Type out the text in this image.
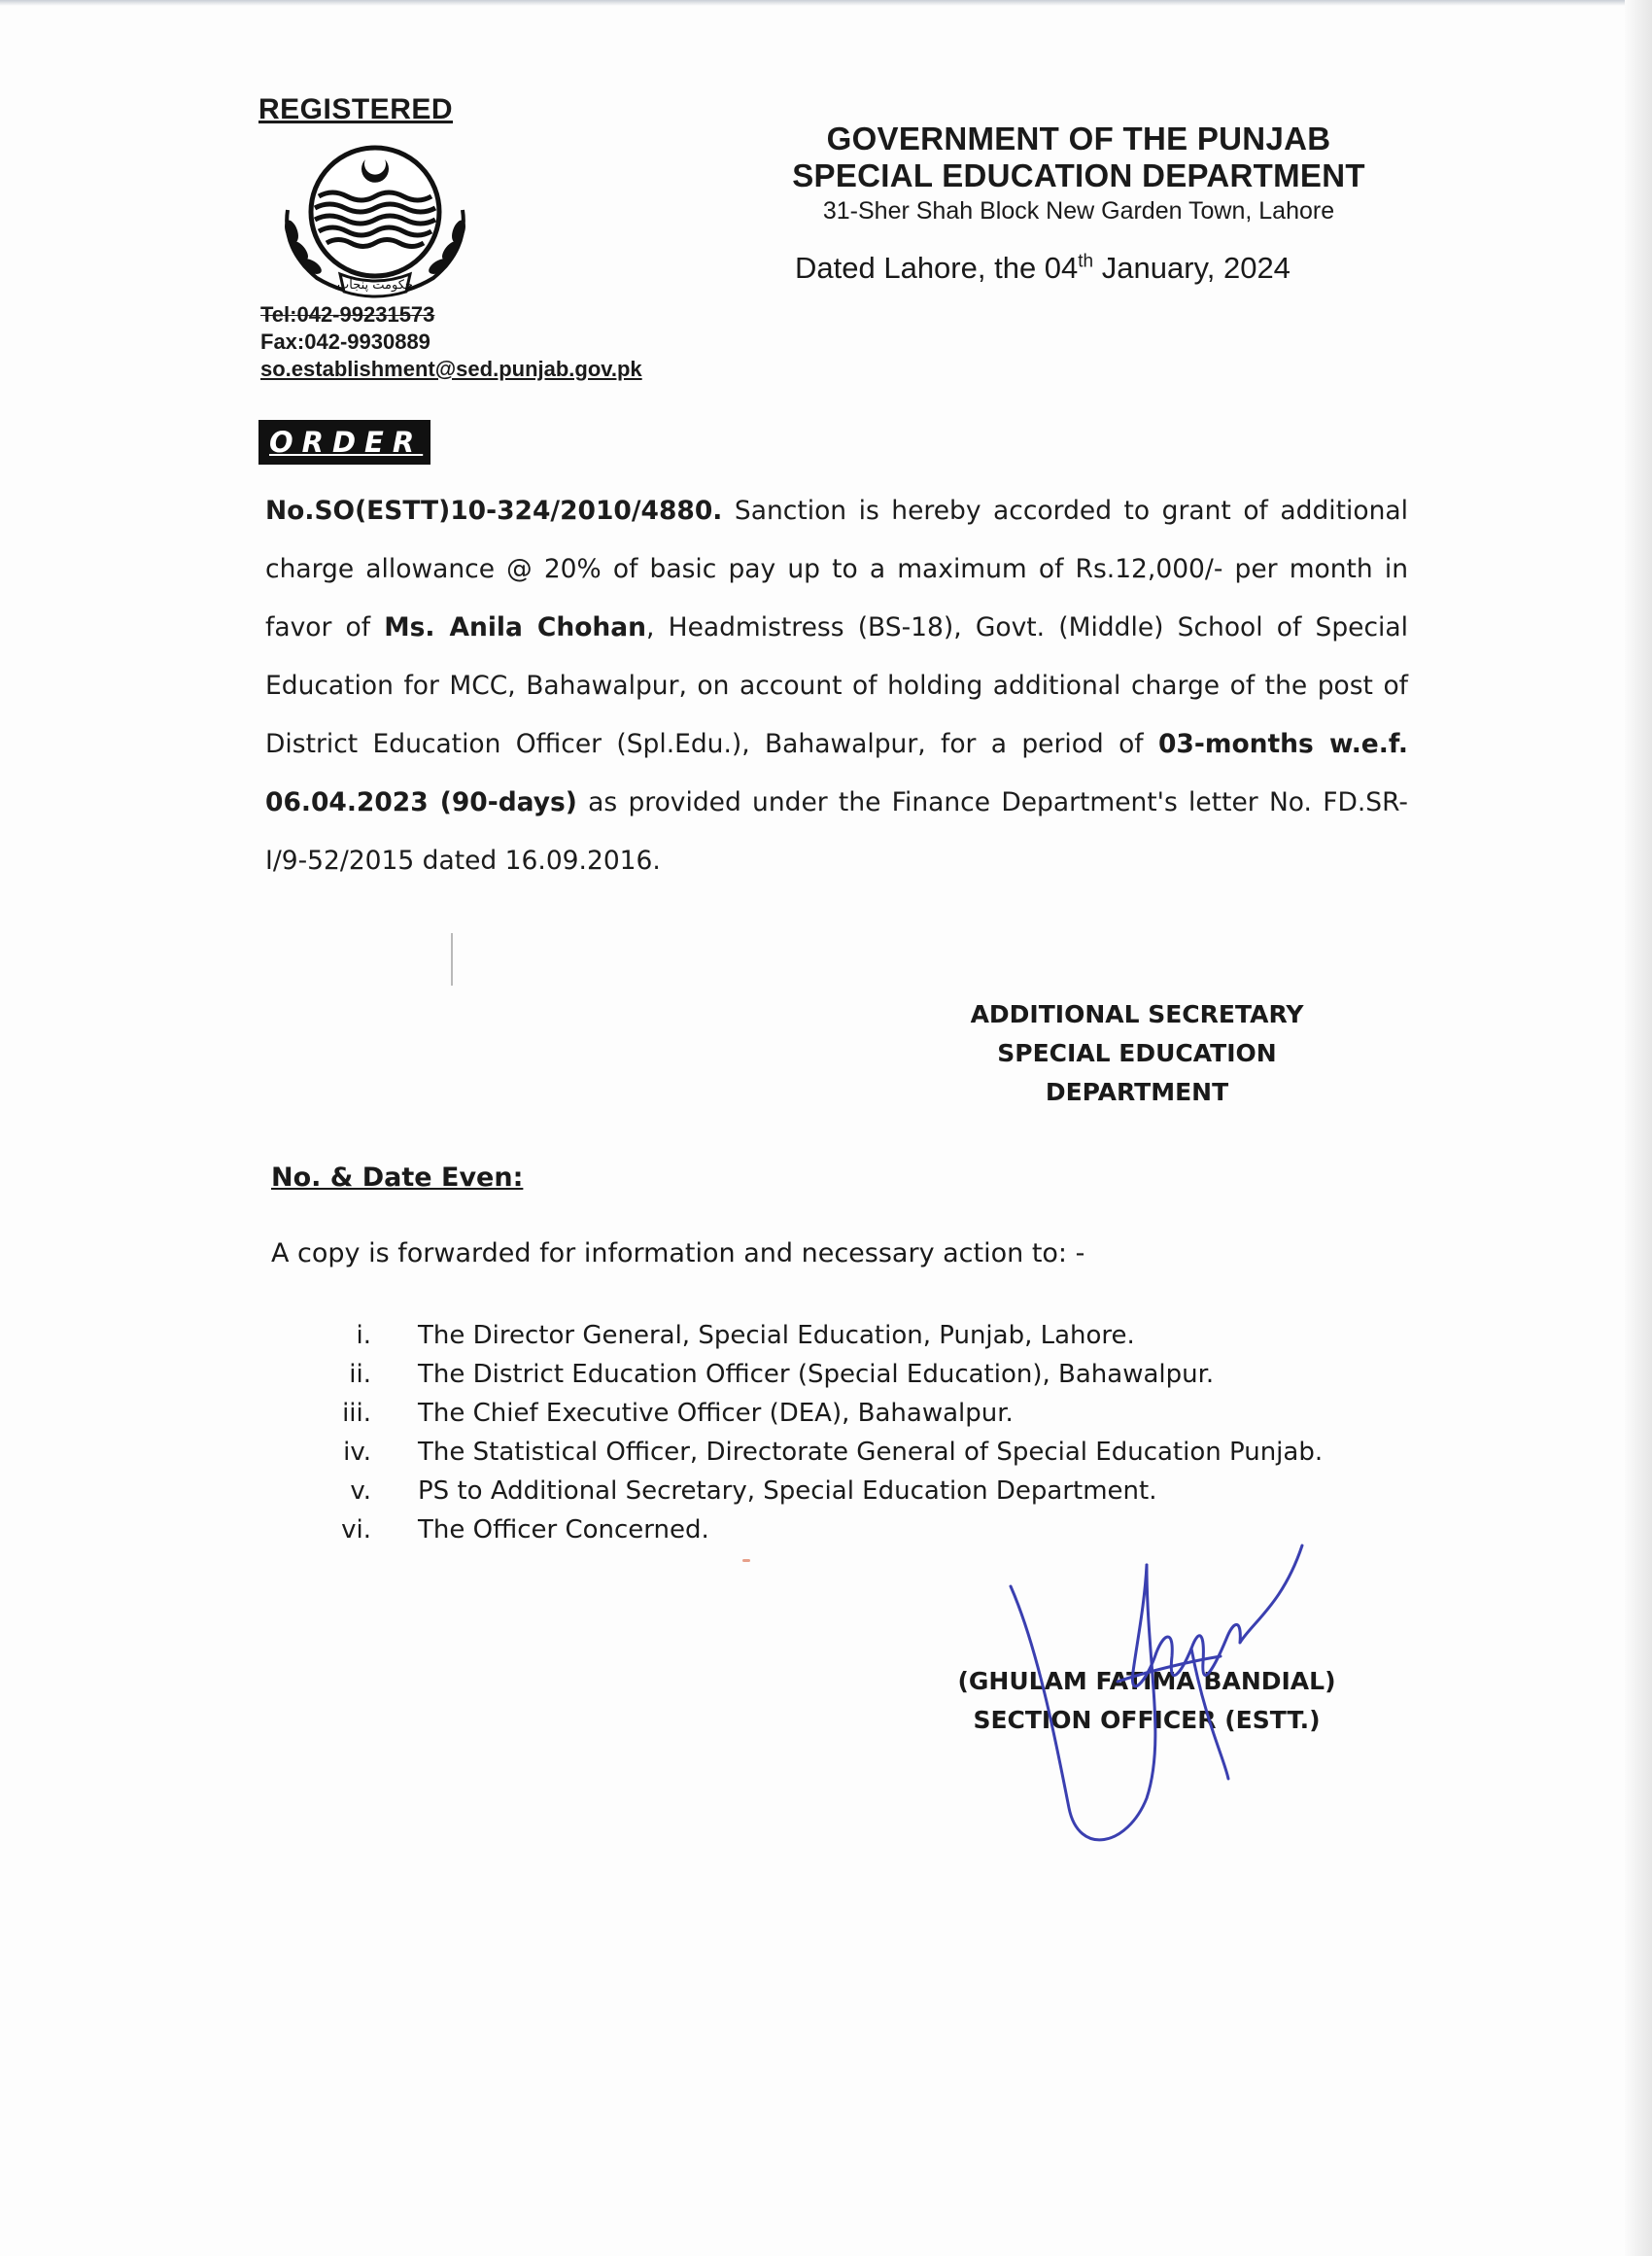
REGISTERED
حکومت پنجاب
Tel:042-99231573
Fax:042-9930889
so.establishment@sed.punjab.gov.pk
GOVERNMENT OF THE PUNJAB
SPECIAL EDUCATION DEPARTMENT
31-Sher Shah Block New Garden Town, Lahore
Dated Lahore, the 04th January, 2024
ORDER
No.SO(ESTT)10-324/2010/4880. Sanction is hereby accorded to grant of additional charge allowance @ 20% of basic pay up to a maximum of Rs.12,000/- per month in favor of Ms. Anila Chohan, Headmistress (BS-18), Govt. (Middle) School of Special Education for MCC, Bahawalpur, on account of holding additional charge of the post of District Education Officer (Spl.Edu.), Bahawalpur, for a period of 03-months w.e.f. 06.04.2023 (90-days) as provided under the Finance Department's letter No. FD.SR-I/9-52/2015 dated 16.09.2016.
ADDITIONAL SECRETARY
SPECIAL EDUCATION
DEPARTMENT
No. & Date Even:
A copy is forwarded for information and necessary action to: -
i. The Director General, Special Education, Punjab, Lahore.
ii. The District Education Officer (Special Education), Bahawalpur.
iii. The Chief Executive Officer (DEA), Bahawalpur.
iv. The Statistical Officer, Directorate General of Special Education Punjab.
v. PS to Additional Secretary, Special Education Department.
vi. The Officer Concerned.
(GHULAM FATIMA BANDIAL)
SECTION OFFICER (ESTT.)
